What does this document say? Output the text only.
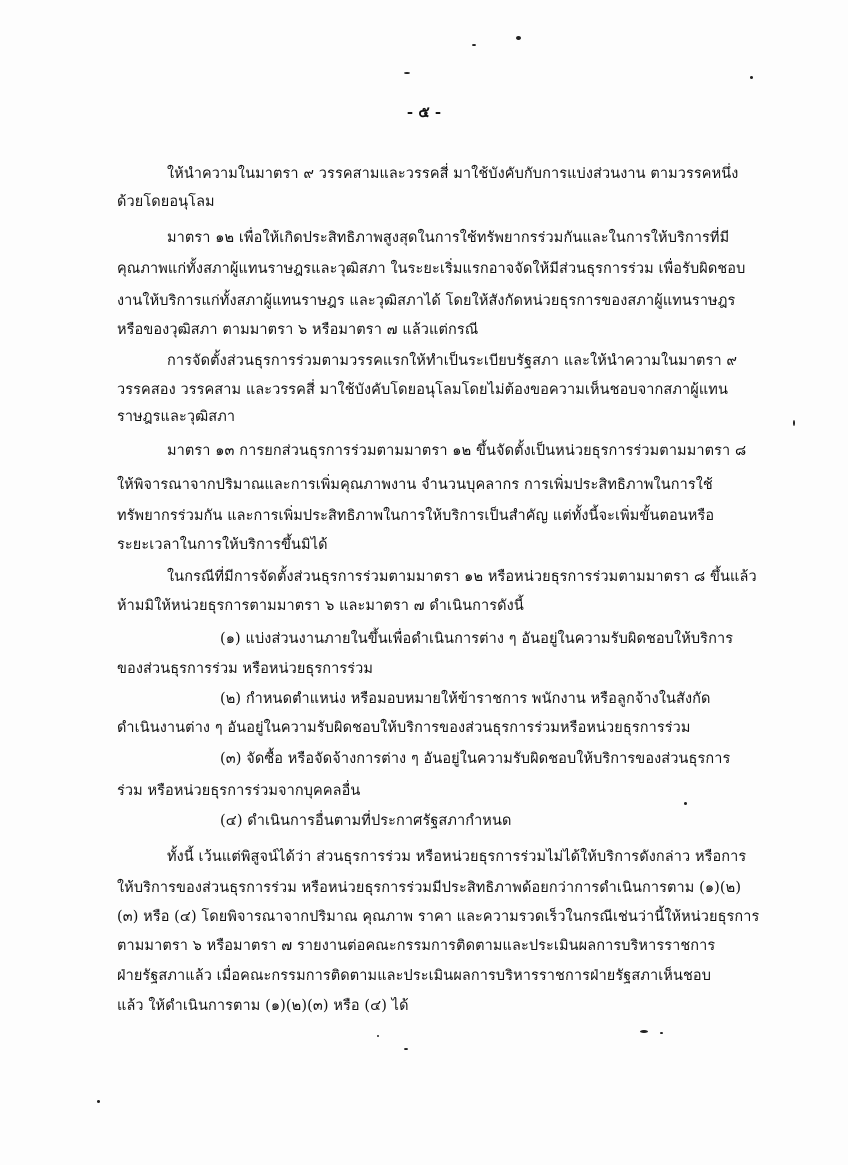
- ๕ -
ให้นำความในมาตรา ๙ วรรคสามและวรรคสี่ มาใช้บังคับกับการแบ่งส่วนงาน ตามวรรคหนึ่ง
ด้วยโดยอนุโลม
มาตรา ๑๒ เพื่อให้เกิดประสิทธิภาพสูงสุดในการใช้ทรัพยากรร่วมกันและในการให้บริการที่มี
คุณภาพแก่ทั้งสภาผู้แทนราษฎรและวุฒิสภา ในระยะเริ่มแรกอาจจัดให้มีส่วนธุรการร่วม เพื่อรับผิดชอบ
งานให้บริการแก่ทั้งสภาผู้แทนราษฎร และวุฒิสภาได้ โดยให้สังกัดหน่วยธุรการของสภาผู้แทนราษฎร
หรือของวุฒิสภา ตามมาตรา ๖ หรือมาตรา ๗ แล้วแต่กรณี
การจัดตั้งส่วนธุรการร่วมตามวรรคแรกให้ทำเป็นระเบียบรัฐสภา และให้นำความในมาตรา ๙
วรรคสอง วรรคสาม และวรรคสี่ มาใช้บังคับโดยอนุโลมโดยไม่ต้องขอความเห็นชอบจากสภาผู้แทน
ราษฎรและวุฒิสภา
มาตรา ๑๓ การยกส่วนธุรการร่วมตามมาตรา ๑๒ ขึ้นจัดตั้งเป็นหน่วยธุรการร่วมตามมาตรา ๘
ให้พิจารณาจากปริมาณและการเพิ่มคุณภาพงาน จำนวนบุคลากร การเพิ่มประสิทธิภาพในการใช้
ทรัพยากรร่วมกัน และการเพิ่มประสิทธิภาพในการให้บริการเป็นสำคัญ แต่ทั้งนี้จะเพิ่มขั้นตอนหรือ
ระยะเวลาในการให้บริการขึ้นมิได้
ในกรณีที่มีการจัดตั้งส่วนธุรการร่วมตามมาตรา ๑๒ หรือหน่วยธุรการร่วมตามมาตรา ๘ ขึ้นแล้ว
ห้ามมิให้หน่วยธุรการตามมาตรา ๖ และมาตรา ๗ ดำเนินการดังนี้
(๑) แบ่งส่วนงานภายในขึ้นเพื่อดำเนินการต่าง ๆ อันอยู่ในความรับผิดชอบให้บริการ
ของส่วนธุรการร่วม หรือหน่วยธุรการร่วม
(๒) กำหนดตำแหน่ง หรือมอบหมายให้ข้าราชการ พนักงาน หรือลูกจ้างในสังกัด
ดำเนินงานต่าง ๆ อันอยู่ในความรับผิดชอบให้บริการของส่วนธุรการร่วมหรือหน่วยธุรการร่วม
(๓) จัดซื้อ หรือจัดจ้างการต่าง ๆ อันอยู่ในความรับผิดชอบให้บริการของส่วนธุรการ
ร่วม หรือหน่วยธุรการร่วมจากบุคคลอื่น
(๔) ดำเนินการอื่นตามที่ประกาศรัฐสภากำหนด
ทั้งนี้ เว้นแต่พิสูจน์ได้ว่า ส่วนธุรการร่วม หรือหน่วยธุรการร่วมไม่ได้ให้บริการดังกล่าว หรือการ
ให้บริการของส่วนธุรการร่วม หรือหน่วยธุรการร่วมมีประสิทธิภาพด้อยกว่าการดำเนินการตาม (๑)(๒)
(๓) หรือ (๔) โดยพิจารณาจากปริมาณ คุณภาพ ราคา และความรวดเร็วในกรณีเช่นว่านี้ให้หน่วยธุรการ
ตามมาตรา ๖ หรือมาตรา ๗ รายงานต่อคณะกรรมการติดตามและประเมินผลการบริหารราชการ
ฝ่ายรัฐสภาแล้ว เมื่อคณะกรรมการติดตามและประเมินผลการบริหารราชการฝ่ายรัฐสภาเห็นชอบ
แล้ว ให้ดำเนินการตาม (๑)(๒)(๓) หรือ (๔) ได้
